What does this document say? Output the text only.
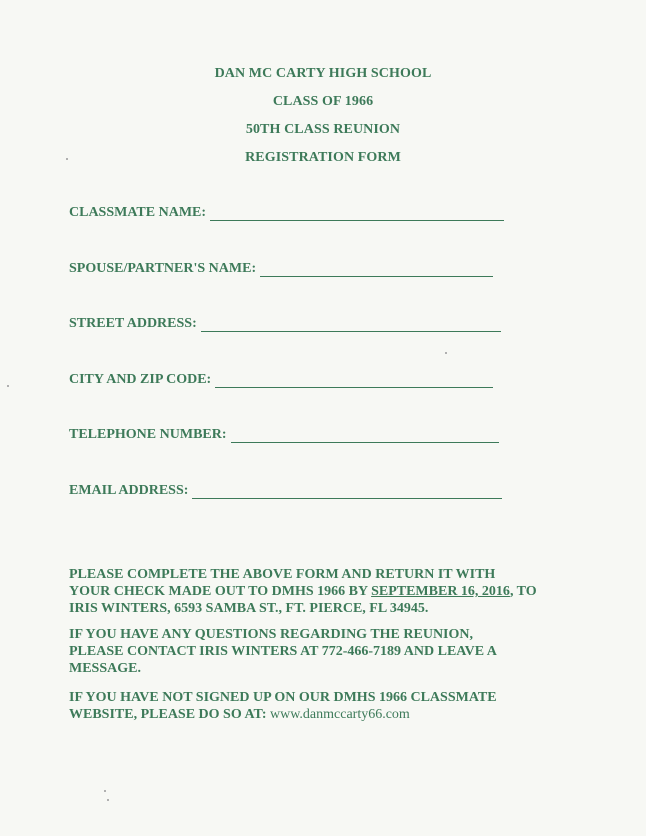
DAN MC CARTY HIGH SCHOOL
CLASS OF 1966
50TH CLASS REUNION
REGISTRATION FORM
CLASSMATE NAME:
SPOUSE/PARTNER'S NAME:
STREET ADDRESS:
CITY AND ZIP CODE:
TELEPHONE NUMBER:
EMAIL ADDRESS:

PLEASE COMPLETE THE ABOVE FORM AND RETURN IT WITH

YOUR CHECK MADE OUT TO DMHS 1966 BY SEPTEMBER 16, 2016, TO

IRIS WINTERS, 6593 SAMBA ST., FT. PIERCE, FL 34945.

IF YOU HAVE ANY QUESTIONS REGARDING THE REUNION,

PLEASE CONTACT IRIS WINTERS AT 772-466-7189 AND LEAVE A

MESSAGE.

IF YOU HAVE NOT SIGNED UP ON OUR DMHS 1966 CLASSMATE

WEBSITE, PLEASE DO SO AT: www.danmccarty66.com
